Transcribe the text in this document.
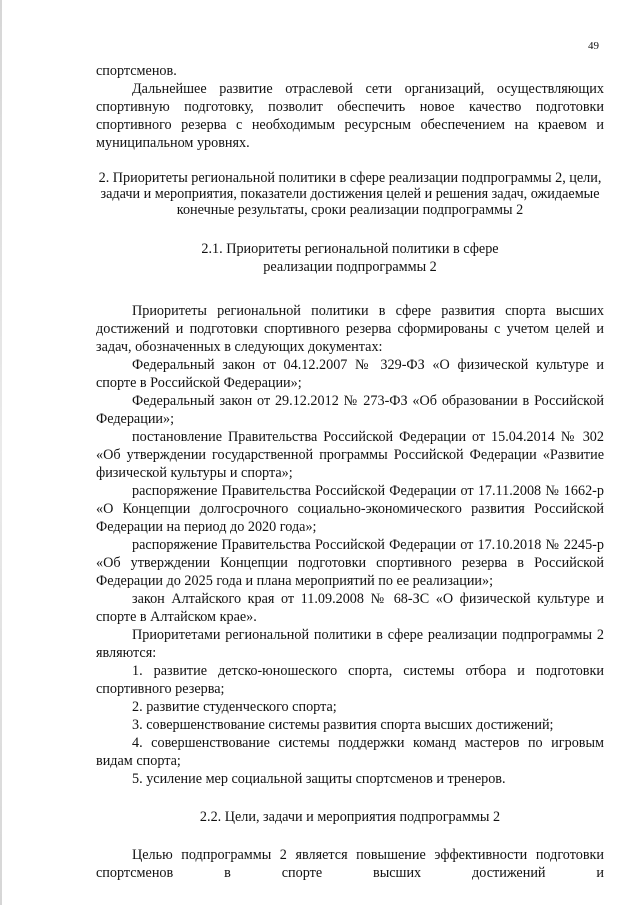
49

спортсменов.

Дальнейшее развитие отраслевой сети организаций, осуществляющих спортивную подготовку, позволит обеспечить новое качество подготовки спортивного резерва с необходимым ресурсным обеспечением на краевом и муниципальном уровнях.

2. Приоритеты региональной политики в сфере реализации подпрограммы 2, цели, задачи и мероприятия, показатели достижения целей и решения задач, ожидаемые конечные результаты, сроки реализации подпрограммы 2

2.1. Приоритеты региональной политики в сфере
реализации подпрограммы 2

Приоритеты региональной политики в сфере развития спорта высших достижений и подготовки спортивного резерва сформированы с учетом целей и задач, обозначенных в следующих документах:

Федеральный закон от 04.12.2007 № 329-ФЗ «О физической культуре и спорте в Российской Федерации»;

Федеральный закон от 29.12.2012 № 273-ФЗ «Об образовании в Российской Федерации»;

постановление Правительства Российской Федерации от 15.04.2014 № 302 «Об утверждении государственной программы Российской Федерации «Развитие физической культуры и спорта»;

распоряжение Правительства Российской Федерации от 17.11.2008 № 1662-р «О Концепции долгосрочного социально-экономического развития Российской Федерации на период до 2020 года»;

распоряжение Правительства Российской Федерации от 17.10.2018 № 2245-р «Об утверждении Концепции подготовки спортивного резерва в Российской Федерации до 2025 года и плана мероприятий по ее реализации»;

закон Алтайского края от 11.09.2008 № 68-ЗС «О физической культуре и спорте в Алтайском крае».

Приоритетами региональной политики в сфере реализации подпрограммы 2 являются:

1. развитие детско-юношеского спорта, системы отбора и подготовки спортивного резерва;

2. развитие студенческого спорта;

3. совершенствование системы развития спорта высших достижений;

4. совершенствование системы поддержки команд мастеров по игровым видам спорта;

5. усиление мер социальной защиты спортсменов и тренеров.

2.2. Цели, задачи и мероприятия подпрограммы 2

Целью подпрограммы 2 является повышение эффективности подготовки спортсменов в спорте высших достижений и
